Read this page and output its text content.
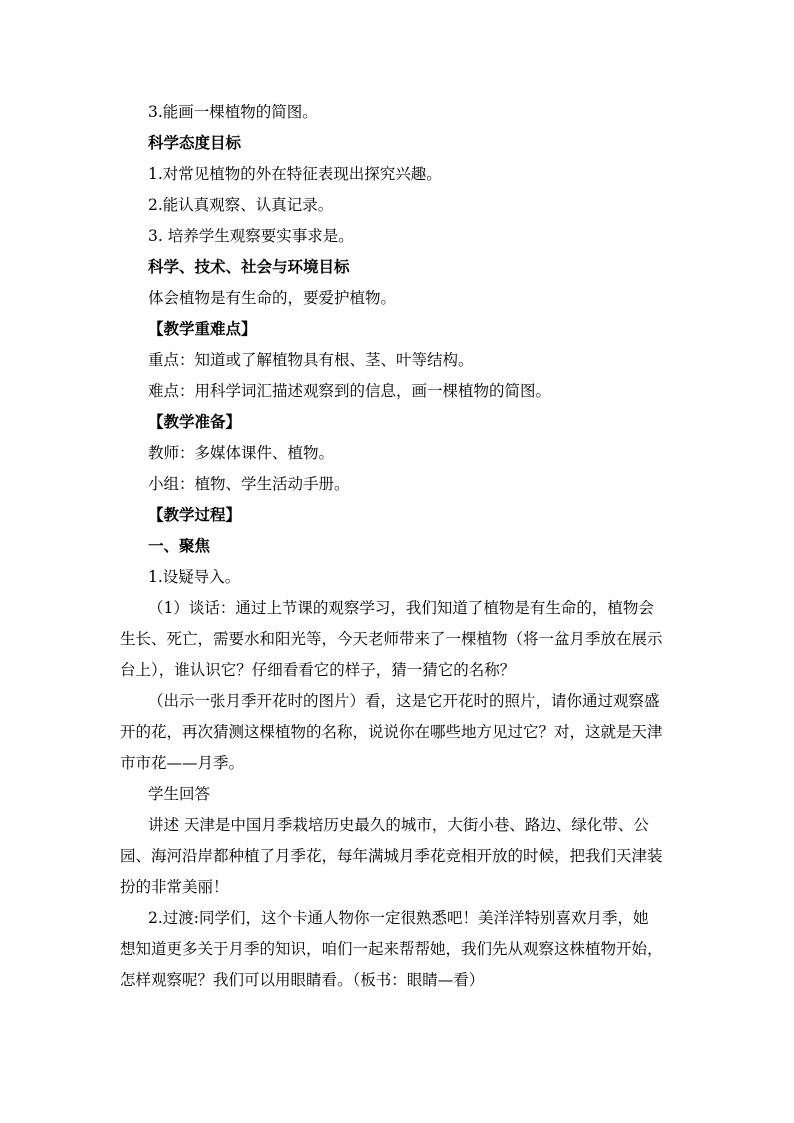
3.能画一棵植物的简图。
科学态度目标
1.对常见植物的外在特征表现出探究兴趣。
2.能认真观察、认真记录。
3. 培养学生观察要实事求是。
科学、技术、社会与环境目标
体会植物是有生命的，要爱护植物。
【教学重难点】
重点：知道或了解植物具有根、茎、叶等结构。
难点：用科学词汇描述观察到的信息，画一棵植物的简图。
【教学准备】
教师：多媒体课件、植物。
小组：植物、学生活动手册。
【教学过程】
一、聚焦
1.设疑导入。
（1）谈话：通过上节课的观察学习，我们知道了植物是有生命的，植物会
生长、死亡，需要水和阳光等，今天老师带来了一棵植物（将一盆月季放在展示
台上），谁认识它？仔细看看它的样子，猜一猜它的名称？
（出示一张月季开花时的图片）看，这是它开花时的照片，请你通过观察盛
开的花，再次猜测这棵植物的名称，说说你在哪些地方见过它？对，这就是天津
市市花——月季。
学生回答
讲述 天津是中国月季栽培历史最久的城市，大街小巷、路边、绿化带、公
园、海河沿岸都种植了月季花，每年满城月季花竞相开放的时候，把我们天津装
扮的非常美丽！
2.过渡:同学们，这个卡通人物你一定很熟悉吧！美洋洋特别喜欢月季，她
想知道更多关于月季的知识，咱们一起来帮帮她，我们先从观察这株植物开始，
怎样观察呢？我们可以用眼睛看。（板书：眼睛—看）
